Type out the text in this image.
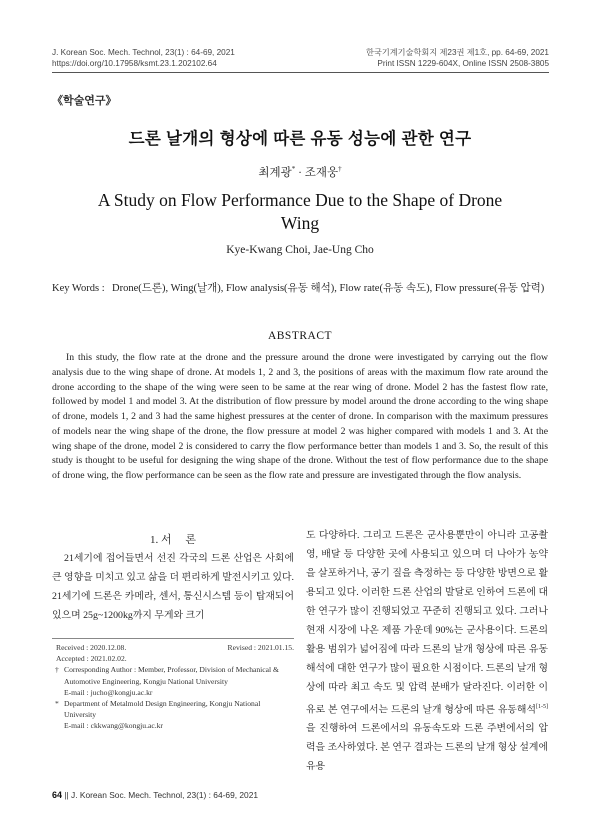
J. Korean Soc. Mech. Technol, 23(1) : 64-69, 2021
https://doi.org/10.17958/ksmt.23.1.202102.64
한국기계기술학회지 제23권 제1호, pp. 64-69, 2021
Print ISSN 1229-604X, Online ISSN 2508-3805
《학술연구》
드론 날개의 형상에 따른 유동 성능에 관한 연구
최계광* · 조재웅†
A Study on Flow Performance Due to the Shape of Drone Wing
Kye-Kwang Choi, Jae-Ung Cho
Key Words : Drone(드론), Wing(날개), Flow analysis(유동 해석), Flow rate(유동 속도), Flow pressure(유동 압력)
ABSTRACT
In this study, the flow rate at the drone and the pressure around the drone were investigated by carrying out the flow analysis due to the wing shape of drone. At models 1, 2 and 3, the positions of areas with the maximum flow rate around the drone according to the shape of the wing were seen to be same at the rear wing of drone. Model 2 has the fastest flow rate, followed by model 1 and model 3. At the distribution of flow pressure by model around the drone according to the wing shape of drone, models 1, 2 and 3 had the same highest pressures at the center of drone. In comparison with the maximum pressures of models near the wing shape of the drone, the flow pressure at model 2 was higher compared with models 1 and 3. At the wing shape of the drone, model 2 is considered to carry the flow performance better than models 1 and 3. So, the result of this study is thought to be useful for designing the wing shape of the drone. Without the test of flow performance due to the shape of drone wing, the flow performance can be seen as the flow rate and pressure are investigated through the flow analysis.
1. 서     론
21세기에 접어들면서 선진 각국의 드론 산업은 사회에 큰 영향을 미치고 있고 삶을 더 편리하게 발전시키고 있다. 21세기에 드론은 카메라, 센서, 통신시스템 등이 탑재되어 있으며 25g~1200kg까지 무게와 크기
도 다양하다. 그리고 드론은 군사용뿐만이 아니라 고공촬영, 배달 등 다양한 곳에 사용되고 있으며 더 나아가 농약을 살포하거나, 공기 질을 측정하는 등 다양한 방면으로 활용되고 있다. 이러한 드론 산업의 발달로 인하여 드론에 대한 연구가 많이 진행되었고 꾸준히 진행되고 있다. 그러나 현재 시장에 나온 제품 가운데 90%는 군사용이다. 드론의 활용 범위가 넓어짐에 따라 드론의 날개 형상에 따른 유동해석에 대한 연구가 많이 필요한 시점이다. 드론의 날개 형상에 따라 최고 속도 및 압력 분배가 달라진다. 이러한 이유로 본 연구에서는 드론의 날개 형상에 따른 유동해석[1-5]을 진행하여 드론에서의 유동속도와 드론 주변에서의 압력을 조사하였다. 본 연구 결과는 드론의 날개 형상 설계에 유용
Received : 2020.12.08.	Revised : 2021.01.15.
Accepted : 2021.02.02.
† Corresponding Author : Member, Professor, Division of Mechanical & Automotive Engineering, Kongju National University
E-mail : jucho@kongju.ac.kr
* Department of Metalmold Design Engineering, Kongju National University
E-mail : ckkwang@kongju.ac.kr
64 || J. Korean Soc. Mech. Technol, 23(1) : 64-69, 2021
